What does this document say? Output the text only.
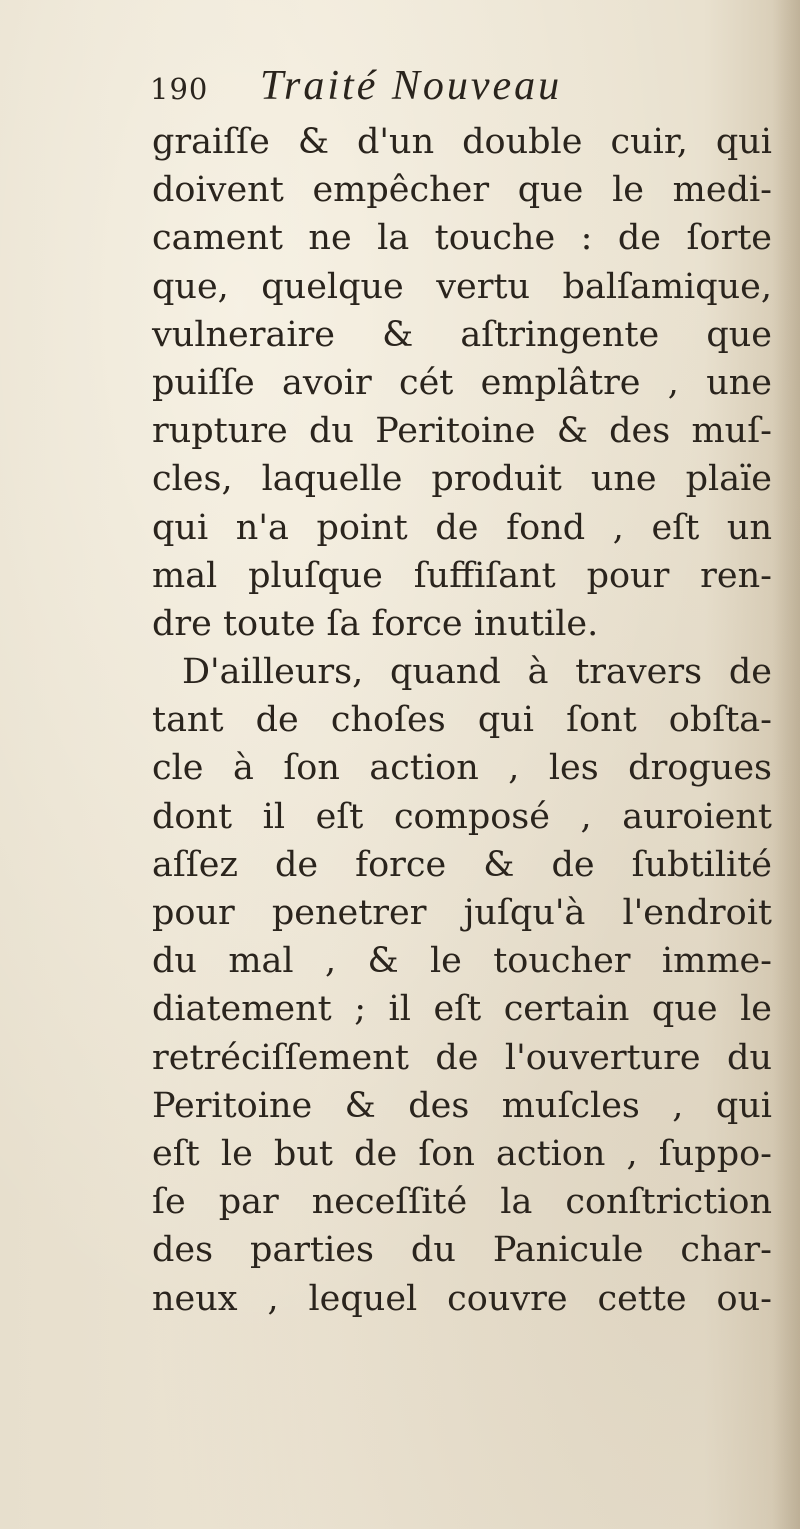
190 Traité Nouveau
graiſſe & d'un double cuir, qui
doivent empêcher que le medi-
cament ne la touche : de ſorte
que, quelque vertu balſamique,
vulneraire & aſtringente que
puiſſe avoir cét emplâtre , une
rupture du Peritoine & des muſ-
cles, laquelle produit une plaïe
qui n'a point de fond , eſt un
mal pluſque ſuffiſant pour ren-
dre toute ſa force inutile.
D'ailleurs, quand à travers de
tant de choſes qui ſont obſta-
cle à ſon action , les drogues
dont il eſt composé , auroient
aſſez de force & de ſubtilité
pour penetrer juſqu'à l'endroit
du mal , & le toucher imme-
diatement ; il eſt certain que le
retréciſſement de l'ouverture du
Peritoine & des muſcles , qui
eſt le but de ſon action , ſuppo-
ſe par neceſſité la conſtriction
des parties du Panicule char-
neux , lequel couvre cette ou-
